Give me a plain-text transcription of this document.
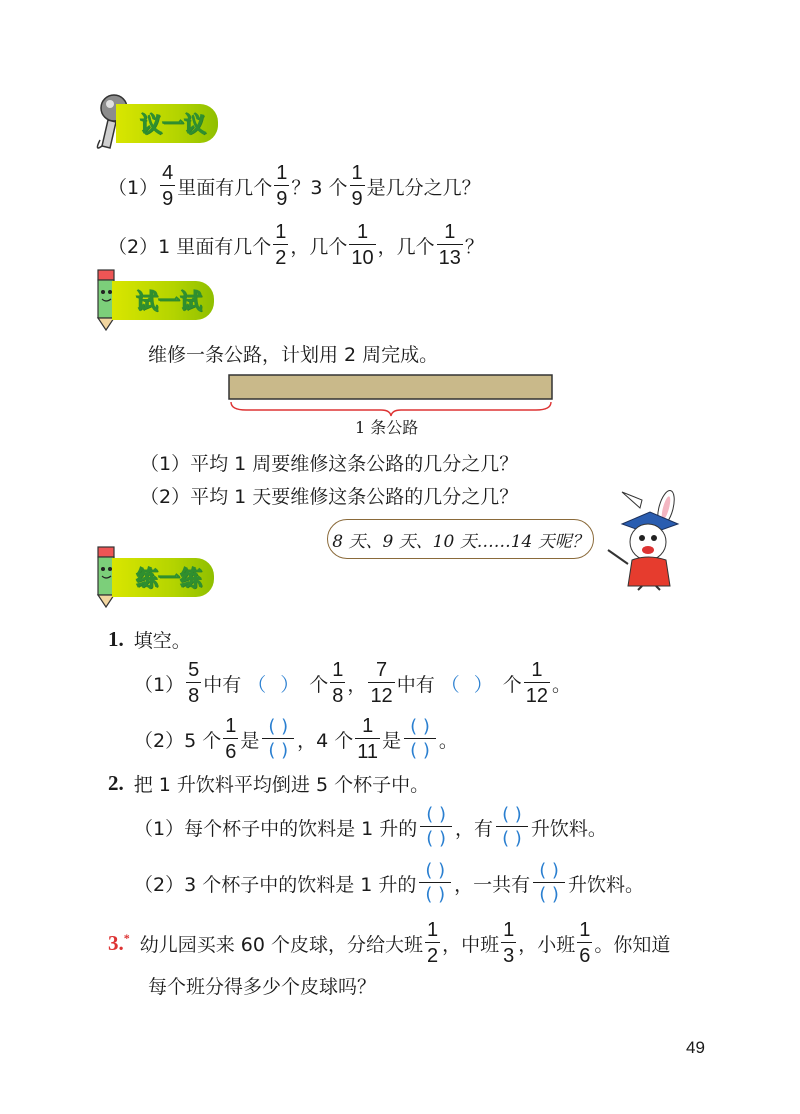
议一议
$(1) \frac{4}{9}$ 里面有几个 $\frac{1}{9}$ ？3 个 $\frac{1}{9}$ 是几分之几？
（2） 1 里面有几个 $\frac{1}{2}$ ，几个 $\frac{1}{10}$ ，几个 $\frac{1}{13}$ ？
试一试
维修一条公路，计划用 2 周完成。
1 条公路
（1）平均 1 周要维修这条公路的几分之几？
（2）平均 1 天要维修这条公路的几分之几？
8 天、9 天、10 天……14 天呢？
练一练
1. 填空。
$(1) \frac{5}{8}$ 中有 （ ） 个 $\frac{1}{8}$ ， $\frac{7}{12}$ 中有 （ ） 个 $\frac{1}{12}$ 。
（2） 5 个 $\frac{1}{6}$ 是
( )
( ) ，4 个 $\frac{1}{11}$ 是
( )
( ) 。
2. 把 1 升饮料平均倒进 5 个杯子中。
（1） 每个杯子中的饮料是 1 升的
( )
( ) ，有
( )
( ) 升饮料。
（2） 3 个杯子中的饮料是 1 升的
( )
( ) ，一共有
( )
( ) 升饮料。
3.* 幼儿园买来 60 个皮球，分给大班 $\frac{1}{2}$ ，中班 $\frac{1}{3}$ ，小班 $\frac{1}{6}$ 。你知道
每个班分得多少个皮球吗？
49
